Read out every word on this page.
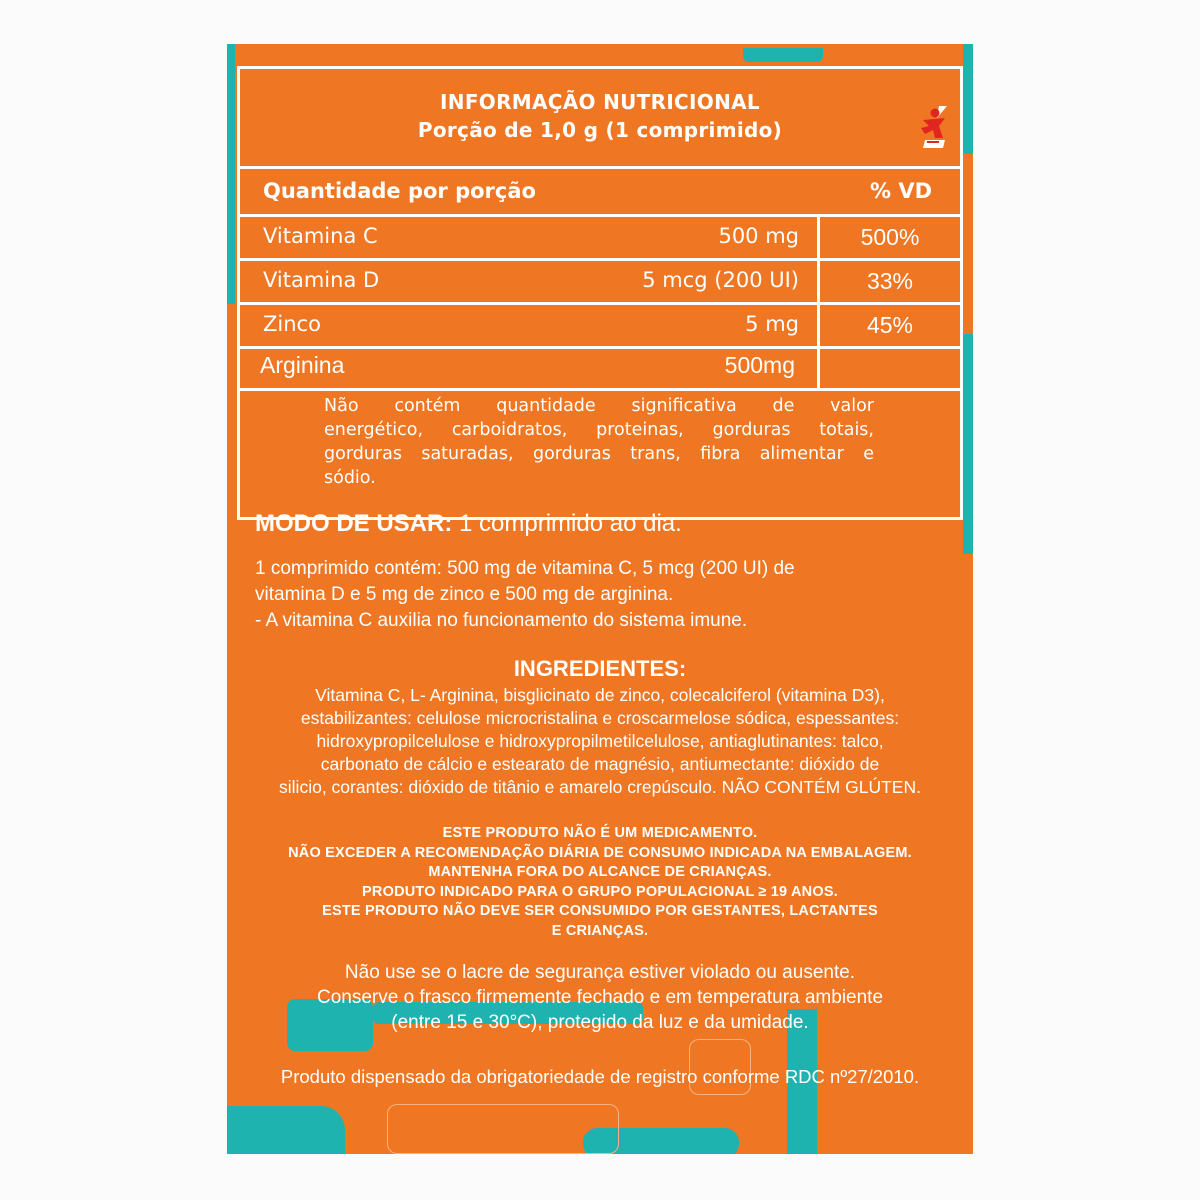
INFORMAÇÃO NUTRICIONAL
Porção de 1,0 g (1 comprimido)
Quantidade por porção	% VD
Vitamina C	500 mg	500%
Vitamina D	5 mcg (200 UI)	33%
Zinco	5 mg	45%
Arginina	500mg
Não contém quantidade significativa de valor
energético, carboidratos, proteinas, gorduras totais,
gorduras saturadas, gorduras trans, fibra alimentar e
sódio.
MODO DE USAR: 1 comprimido ao dia.
1 comprimido contém: 500 mg de vitamina C, 5 mcg (200 UI) de
vitamina D e 5 mg de zinco e 500 mg de arginina.
- A vitamina C auxilia no funcionamento do sistema imune.
INGREDIENTES:
Vitamina C, L- Arginina, bisglicinato de zinco, colecalciferol (vitamina D3),
estabilizantes: celulose microcristalina e croscarmelose sódica, espessantes:
hidroxypropilcelulose e hidroxypropilmetilcelulose, antiaglutinantes: talco,
carbonato de cálcio e estearato de magnésio, antiumectante: dióxido de
silicio, corantes: dióxido de titânio e amarelo crepúsculo. NÃO CONTÉM GLÚTEN.
ESTE PRODUTO NÃO É UM MEDICAMENTO.
NÃO EXCEDER A RECOMENDAÇÃO DIÁRIA DE CONSUMO INDICADA NA EMBALAGEM.
MANTENHA FORA DO ALCANCE DE CRIANÇAS.
PRODUTO INDICADO PARA O GRUPO POPULACIONAL ≥ 19 ANOS.
ESTE PRODUTO NÃO DEVE SER CONSUMIDO POR GESTANTES, LACTANTES
E CRIANÇAS.
Não use se o lacre de segurança estiver violado ou ausente.
Conserve o frasco firmemente fechado e em temperatura ambiente
(entre 15 e 30°C), protegido da luz e da umidade.
Produto dispensado da obrigatoriedade de registro conforme RDC nº27/2010.
